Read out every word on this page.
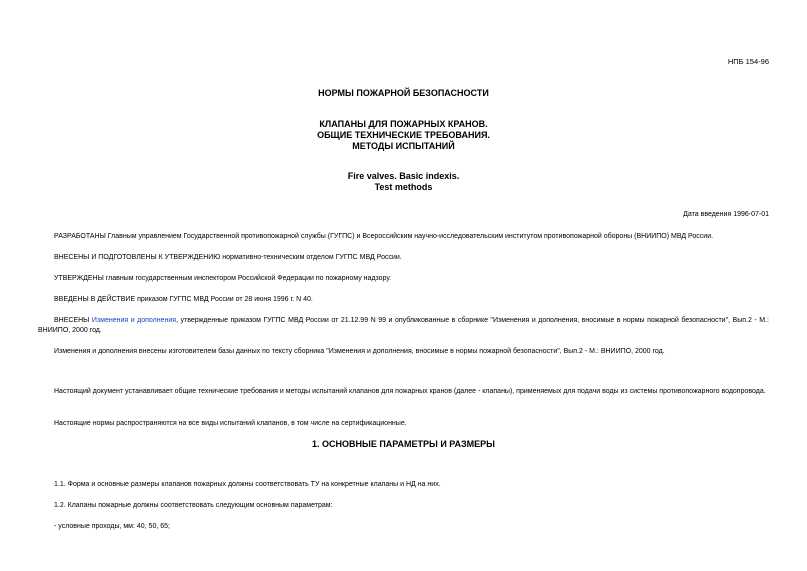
НПБ 154-96
НОРМЫ ПОЖАРНОЙ БЕЗОПАСНОСТИ
КЛАПАНЫ ДЛЯ ПОЖАРНЫХ КРАНОВ.
ОБЩИЕ ТЕХНИЧЕСКИЕ ТРЕБОВАНИЯ.
МЕТОДЫ ИСПЫТАНИЙ
Fire valves. Basic indexis.
Test methods
Дата введения 1996-07-01
РАЗРАБОТАНЫ Главным управлением Государственной противопожарной службы (ГУГПС) и Всероссийским научно-исследовательским институтом противопожарной обороны (ВНИИПО) МВД России.
ВНЕСЕНЫ И ПОДГОТОВЛЕНЫ К УТВЕРЖДЕНИЮ нормативно-техническим отделом ГУГПС МВД России.
УТВЕРЖДЕНЫ главным государственным инспектором Российской Федерации по пожарному надзору.
ВВЕДЕНЫ В ДЕЙСТВИЕ приказом ГУГПС МВД России от 28 июня 1996 г. N 40.
ВНЕСЕНЫ Изменения и дополнения, утвержденные приказом ГУГПС МВД России от 21.12.99 N 99 и опубликованные в сборнике "Изменения и дополнения, вносимые в нормы пожарной безопасности", Вып.2 - М.: ВНИИПО, 2000 год.
Изменения и дополнения внесены изготовителем базы данных по тексту сборника "Изменения и дополнения, вносимые в нормы пожарной безопасности", Вып.2 - М.: ВНИИПО, 2000 год.
Настоящий документ устанавливает общие технические требования и методы испытаний клапанов для пожарных кранов (далее - клапаны), применяемых для подачи воды из системы противопожарного водопровода.
Настоящие нормы распространяются на все виды испытаний клапанов, в том числе на сертификационные.
1. ОСНОВНЫЕ ПАРАМЕТРЫ И РАЗМЕРЫ
1.1. Форма и основные размеры клапанов пожарных должны соответствовать ТУ на конкретные клапаны и НД на них.
1.2. Клапаны пожарные должны соответствовать следующим основным параметрам:
- условные проходы, мм: 40, 50, 65;
